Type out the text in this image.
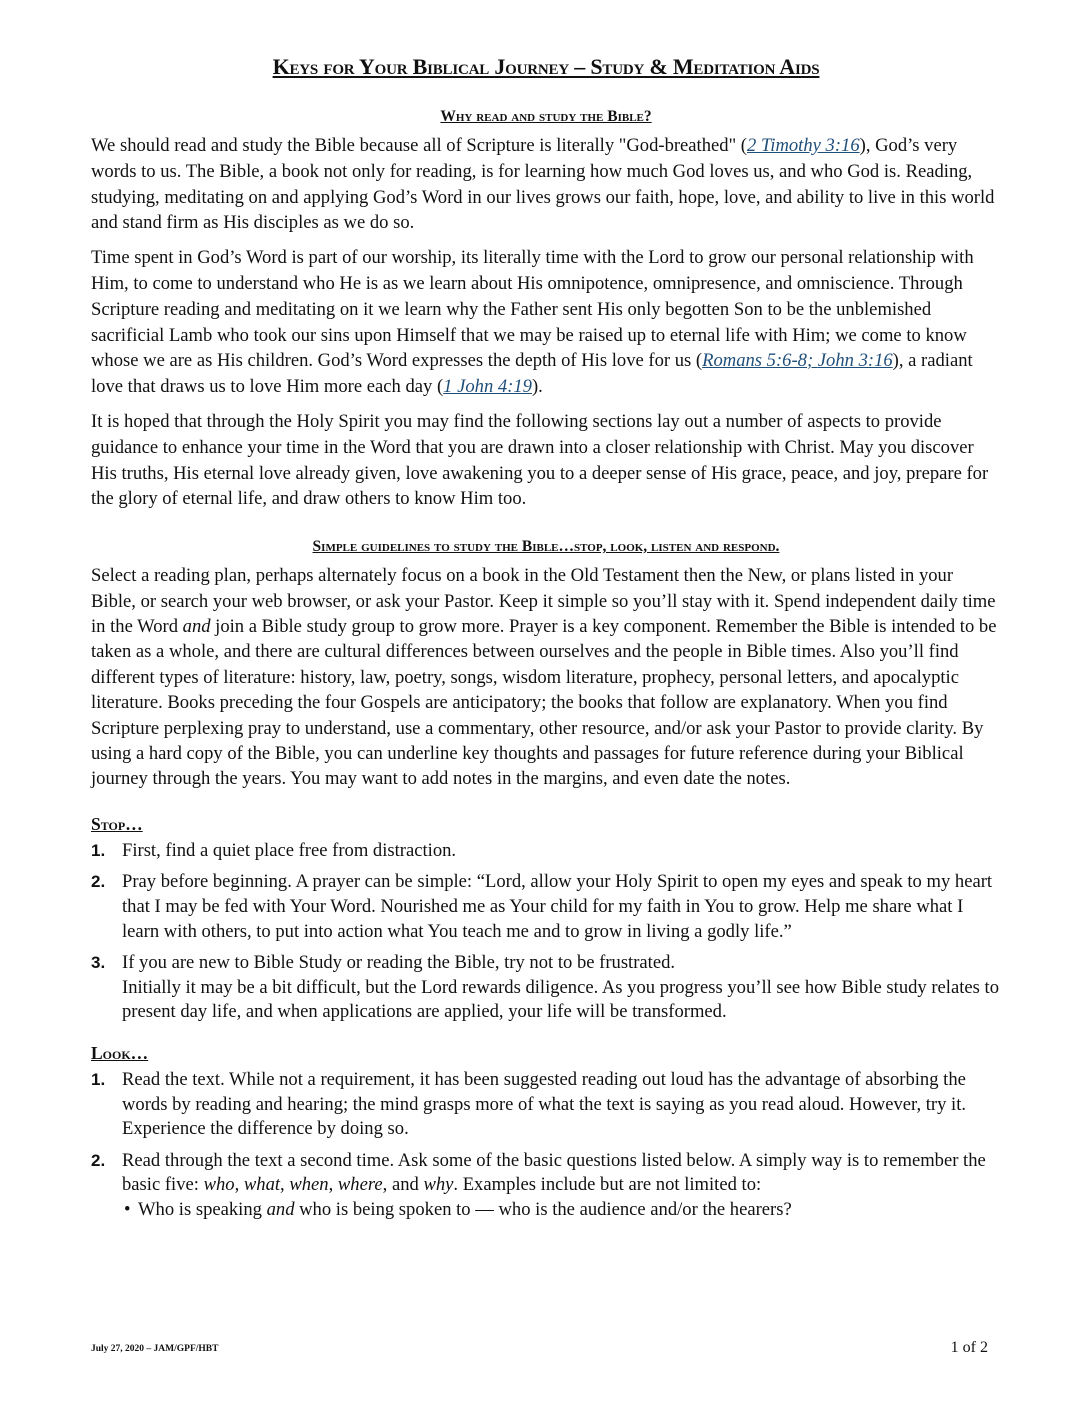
Keys for Your Biblical Journey – Study & Meditation Aids
Why read and study the Bible?

We should read and study the Bible because all of Scripture is literally "God-breathed" (2 Timothy 3:16), God’s very words to us. The Bible, a book not only for reading, is for learning how much God loves us, and who God is. Reading, studying, meditating on and applying God’s Word in our lives grows our faith, hope, love, and ability to live in this world and stand firm as His disciples as we do so.

Time spent in God’s Word is part of our worship, its literally time with the Lord to grow our personal relationship with Him, to come to understand who He is as we learn about His omnipotence, omnipresence, and omniscience. Through Scripture reading and meditating on it we learn why the Father sent His only begotten Son to be the unblemished sacrificial Lamb who took our sins upon Himself that we may be raised up to eternal life with Him; we come to know whose we are as His children. God’s Word expresses the depth of His love for us (Romans 5:6-8; John 3:16), a radiant love that draws us to love Him more each day (1 John 4:19).

It is hoped that through the Holy Spirit you may find the following sections lay out a number of aspects to provide guidance to enhance your time in the Word that you are drawn into a closer relationship with Christ. May you discover His truths, His eternal love already given, love awakening you to a deeper sense of His grace, peace, and joy, prepare for the glory of eternal life, and draw others to know Him too.

Simple guidelines to study the Bible…stop, look, listen and respond.

Select a reading plan, perhaps alternately focus on a book in the Old Testament then the New, or plans listed in your Bible, or search your web browser, or ask your Pastor. Keep it simple so you’ll stay with it. Spend independent daily time in the Word and join a Bible study group to grow more. Prayer is a key component. Remember the Bible is intended to be taken as a whole, and there are cultural differences between ourselves and the people in Bible times. Also you’ll find different types of literature: history, law, poetry, songs, wisdom literature, prophecy, personal letters, and apocalyptic literature. Books preceding the four Gospels are anticipatory; the books that follow are explanatory. When you find Scripture perplexing pray to understand, use a commentary, other resource, and/or ask your Pastor to provide clarity. By using a hard copy of the Bible, you can underline key thoughts and passages for future reference during your Biblical journey through the years. You may want to add notes in the margins, and even date the notes.

Stop…
1. First, find a quiet place free from distraction.
2. Pray before beginning. A prayer can be simple: “Lord, allow your Holy Spirit to open my eyes and speak to my heart that I may be fed with Your Word. Nourished me as Your child for my faith in You to grow. Help me share what I learn with others, to put into action what You teach me and to grow in living a godly life.”
3. If you are new to Bible Study or reading the Bible, try not to be frustrated.
Initially it may be a bit difficult, but the Lord rewards diligence. As you progress you’ll see how Bible study relates to present day life, and when applications are applied, your life will be transformed.
Look…
1. Read the text. While not a requirement, it has been suggested reading out loud has the advantage of absorbing the words by reading and hearing; the mind grasps more of what the text is saying as you read aloud. However, try it. Experience the difference by doing so.
2. Read through the text a second time. Ask some of the basic questions listed below. A simply way is to remember the basic five: who, what, when, where, and why. Examples include but are not limited to:
• Who is speaking and who is being spoken to — who is the audience and/or the hearers?
July 27, 2020 – JAM/GPF/HBT	1 of 2
